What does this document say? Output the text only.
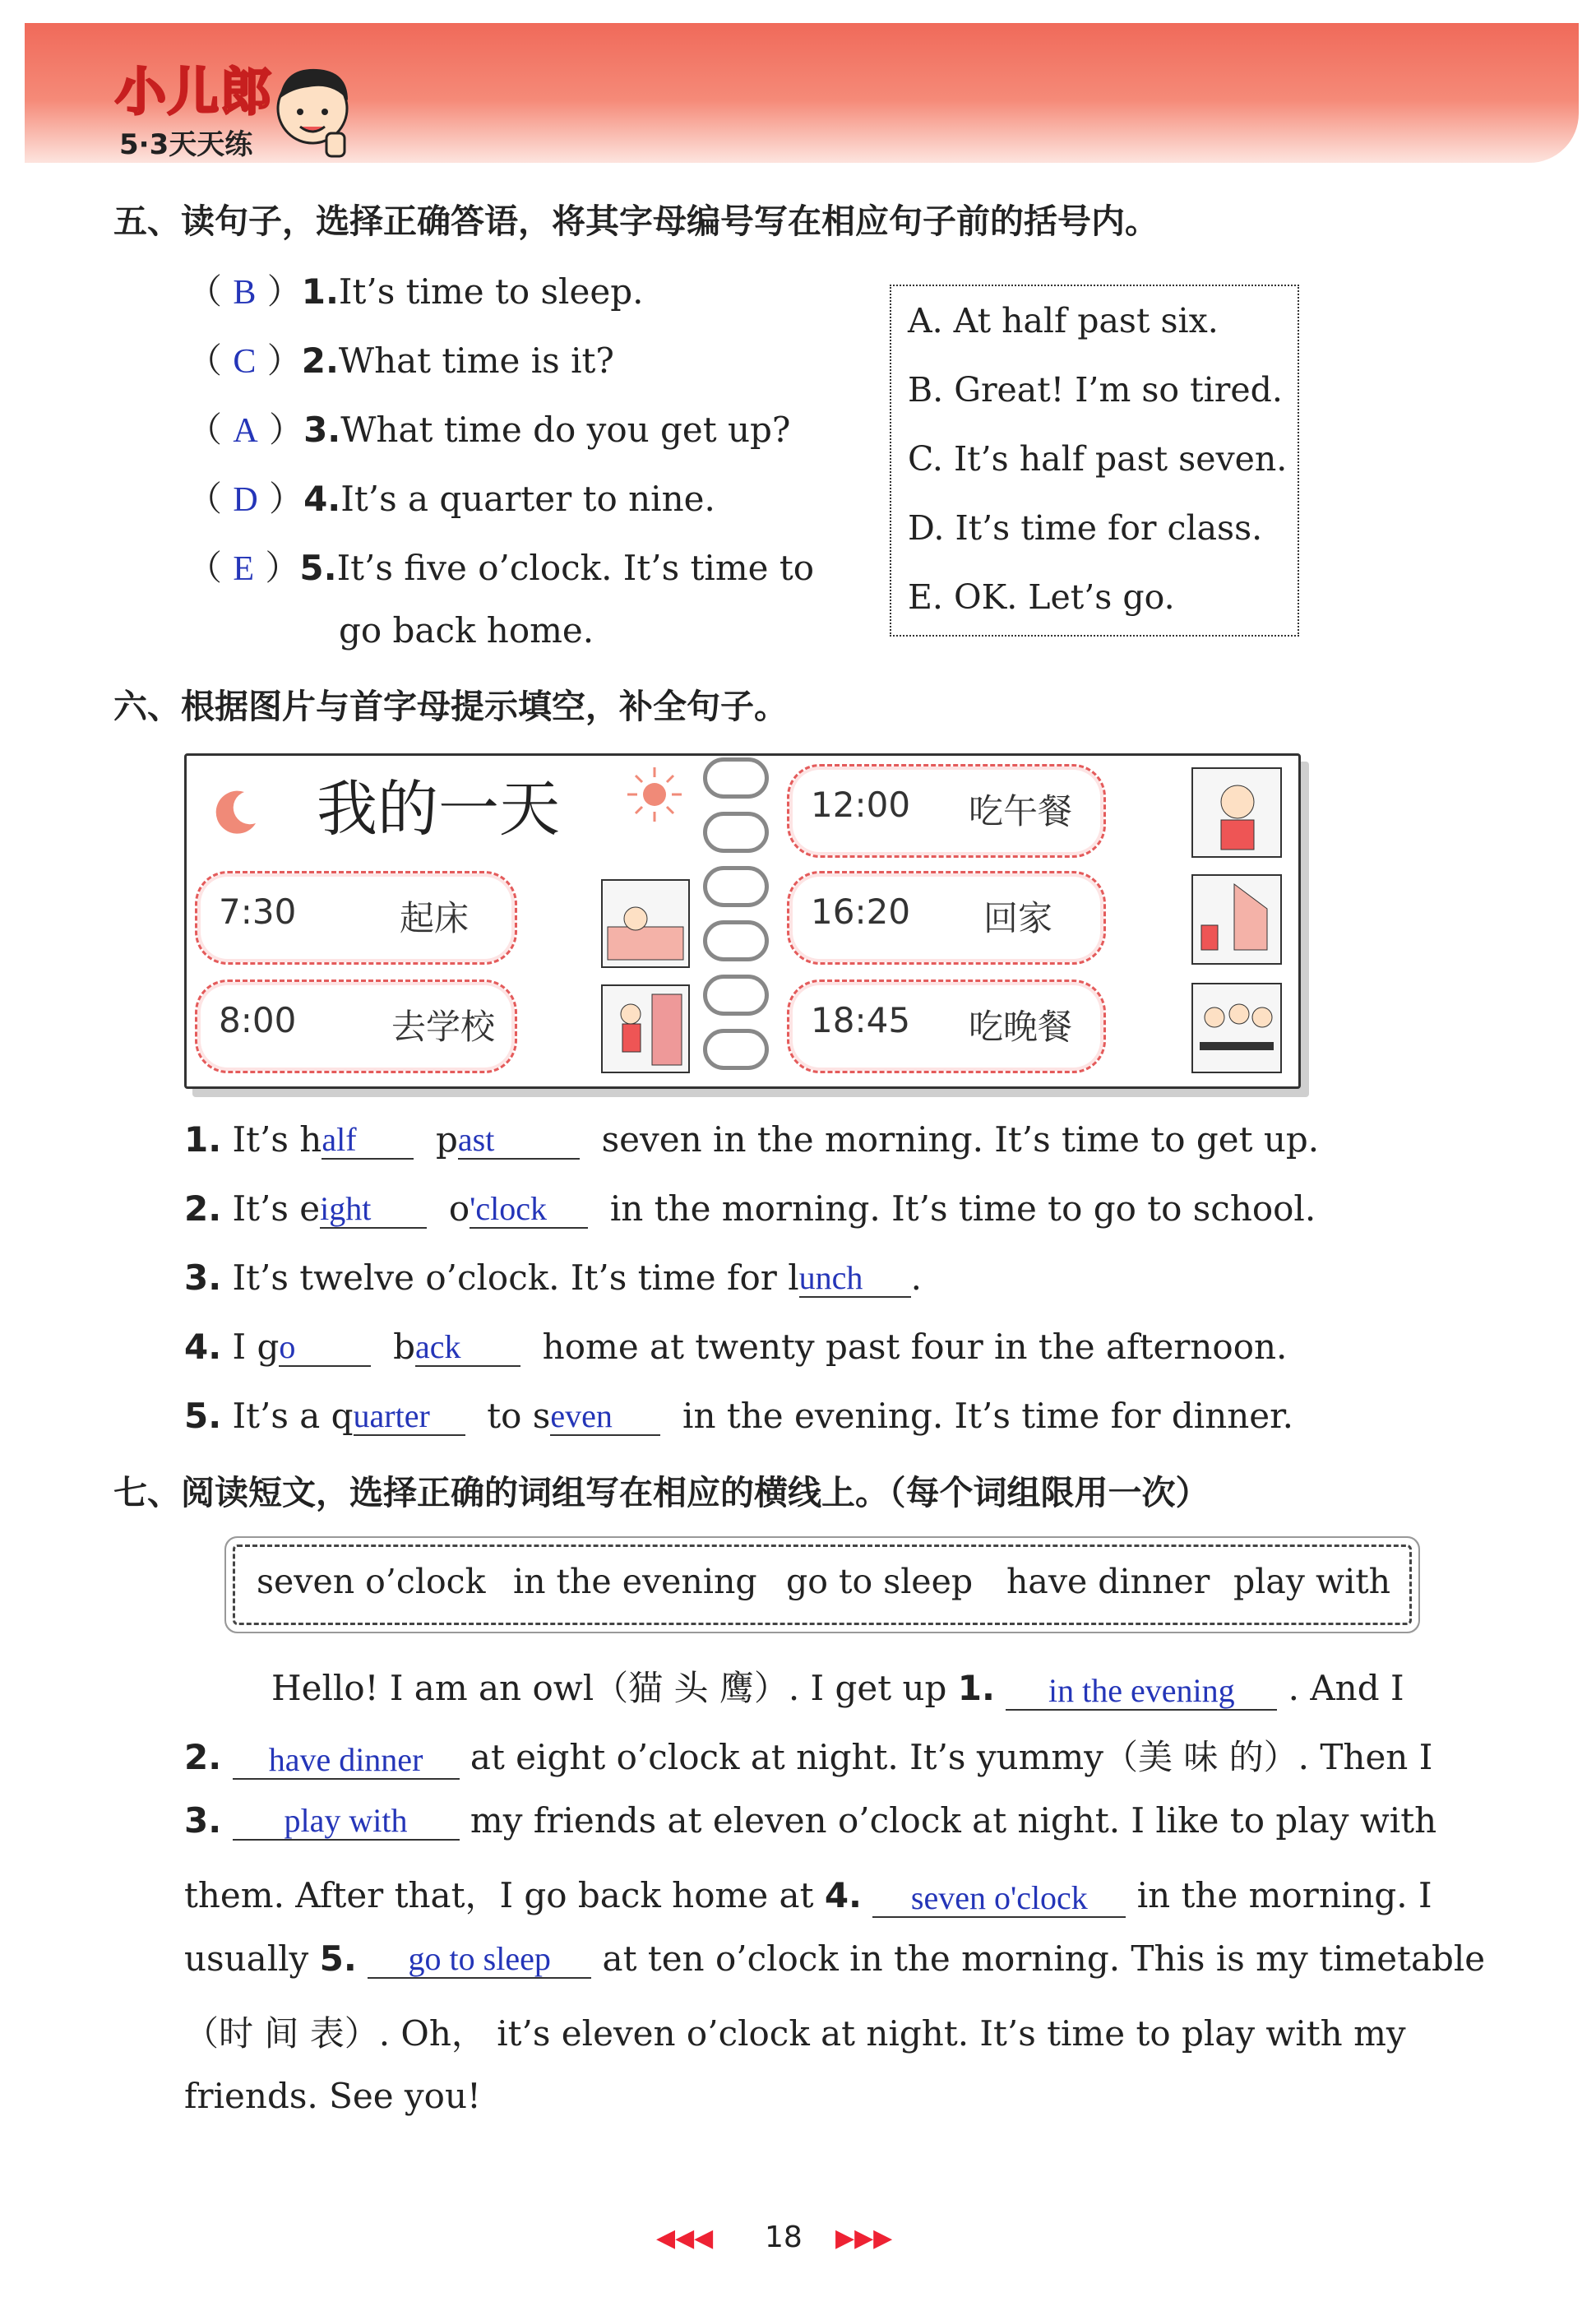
小儿郎
5·3天天练
五、读句子，选择正确答语，将其字母编号写在相应句子前的括号内。
（ B ）1.It’s time to sleep.
（ C ）2.What time is it?
（ A ）3.What time do you get up?
（ D ）4.It’s a quarter to nine.
（ E ）5.It’s five o’clock. It’s time to
go back home.
A. At half past six.
B. Great! I’m so tired.
C. It’s half past seven.
D. It’s time for class.
E. OK. Let’s go.
六、根据图片与首字母提示填空，补全句子。
我的一天
7:30	起床
8:00	去学校
12:00 吃午餐
16:20 回家
18:45 吃晚餐
1. It’s half past	seven in the morning. It’s time to get up.
2. It’s eight o'clock in the morning. It’s time to go to school.
3. It’s twelve o’clock. It’s time for lunch .
4. I go	back home at twenty past four in the afternoon.
5. It’s a quarter to seven in the evening. It’s time for dinner.
七、阅读短文，选择正确的词组写在相应的横线上。（每个词组限用一次）
seven o’clock in the evening go to sleep have dinner play with
Hello! I am an owl（猫 头 鹰）. I get up 1. in the evening . And I
2. have dinner at eight o’clock at night. It’s yummy（美 味 的）. Then I
3. play with my friends at eleven o’clock at night. I like to play with
them. After that，I go back home at 4. seven o'clock in the morning. I
usually 5. go to sleep at ten o’clock in the morning. This is my timetable
（时 间 表）. Oh， it’s eleven o’clock at night. It’s time to play with my
friends. See you!
◀◀◀ 18 ▶▶▶
